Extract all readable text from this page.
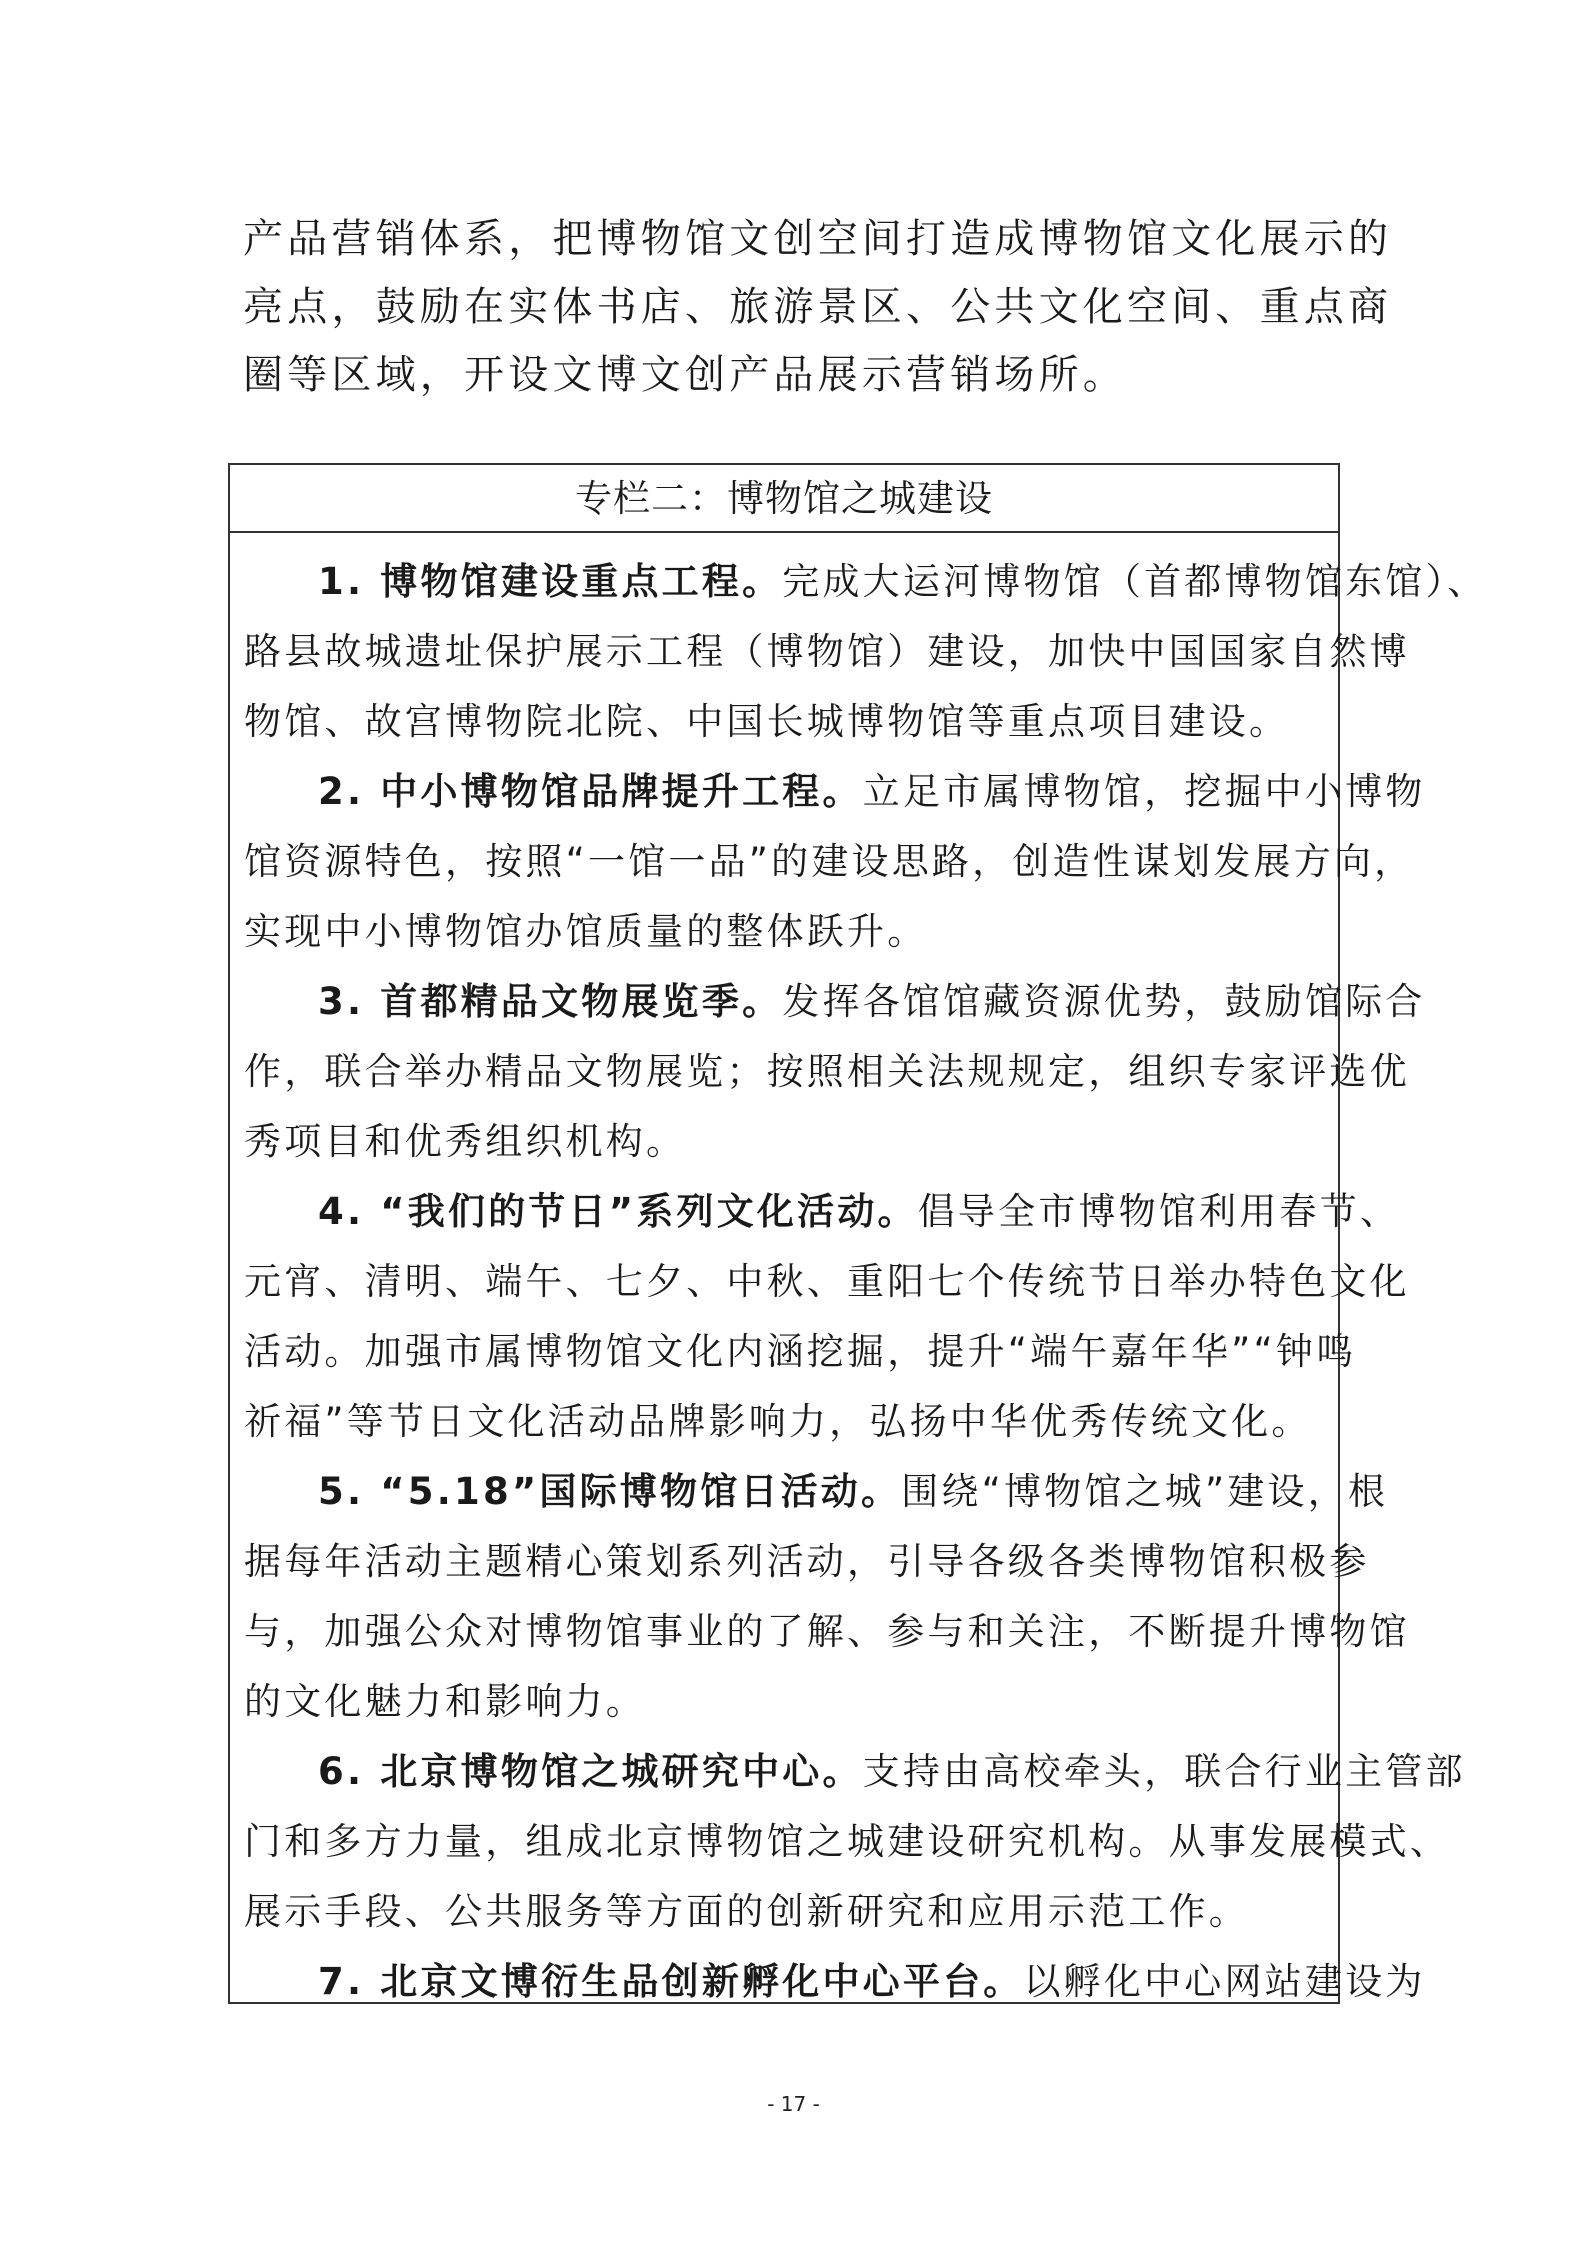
产品营销体系，把博物馆文创空间打造成博物馆文化展示的
亮点，鼓励在实体书店、旅游景区、公共文化空间、重点商
圈等区域，开设文博文创产品展示营销场所。
专栏二：博物馆之城建设
1. 博物馆建设重点工程。完成大运河博物馆（首都博物馆东馆）、
路县故城遗址保护展示工程（博物馆）建设，加快中国国家自然博
物馆、故宫博物院北院、中国长城博物馆等重点项目建设。
2. 中小博物馆品牌提升工程。立足市属博物馆，挖掘中小博物
馆资源特色，按照“一馆一品”的建设思路，创造性谋划发展方向，
实现中小博物馆办馆质量的整体跃升。
3. 首都精品文物展览季。发挥各馆馆藏资源优势，鼓励馆际合
作，联合举办精品文物展览；按照相关法规规定，组织专家评选优
秀项目和优秀组织机构。
4. “我们的节日”系列文化活动。倡导全市博物馆利用春节、
元宵、清明、端午、七夕、中秋、重阳七个传统节日举办特色文化
活动。加强市属博物馆文化内涵挖掘，提升“端午嘉年华”“钟鸣
祈福”等节日文化活动品牌影响力，弘扬中华优秀传统文化。
5. “5.18”国际博物馆日活动。围绕“博物馆之城”建设，根
据每年活动主题精心策划系列活动，引导各级各类博物馆积极参
与，加强公众对博物馆事业的了解、参与和关注，不断提升博物馆
的文化魅力和影响力。
6. 北京博物馆之城研究中心。支持由高校牵头，联合行业主管部
门和多方力量，组成北京博物馆之城建设研究机构。从事发展模式、
展示手段、公共服务等方面的创新研究和应用示范工作。
7. 北京文博衍生品创新孵化中心平台。以孵化中心网站建设为
- 17 -
